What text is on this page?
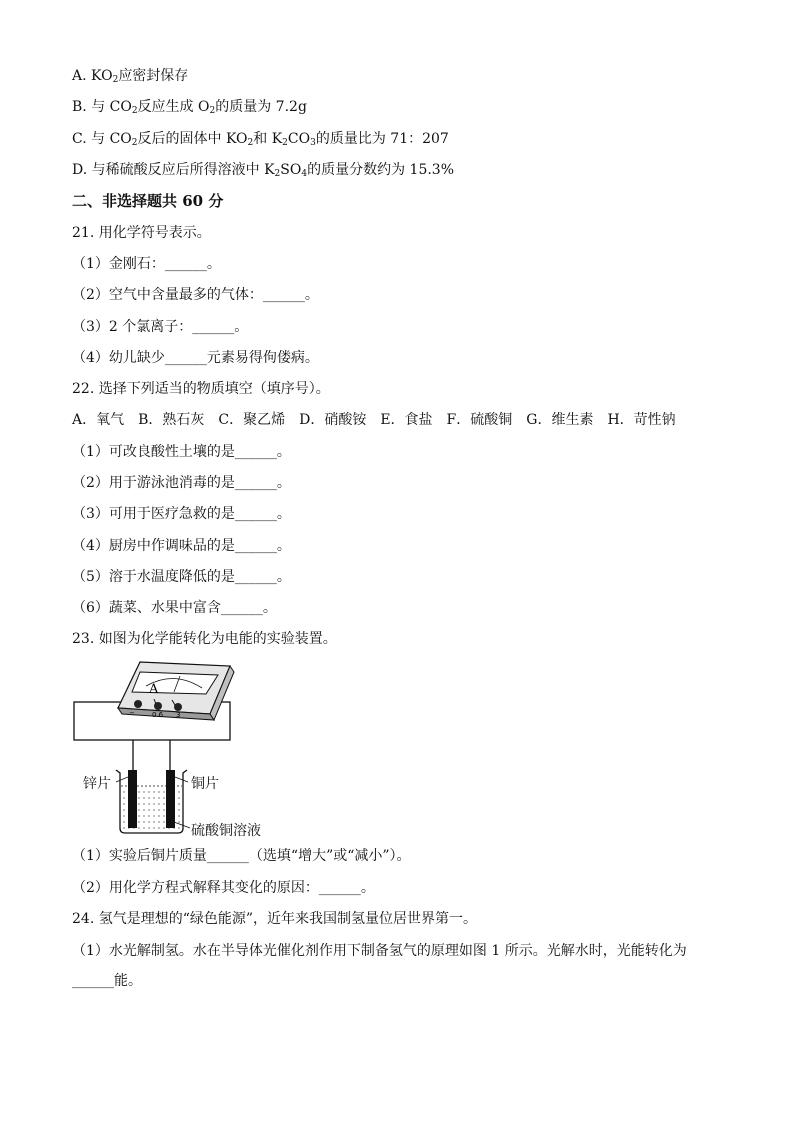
A. $KO_2$应密封保存
B. 与 $CO_2$反应生成 $O_2$的质量为 7.2g
C. 与 $CO_2$反后的固体中 $KO_2$和 $K_2CO_3$的质量比为 71：207
D. 与稀硫酸反应后所得溶液中 $K_2SO_4$的质量分数约为 15.3%
二、非选择题共 60 分
21. 用化学符号表示。
（1）金刚石：______。
（2）空气中含量最多的气体：______。
（3）2 个氯离子：______。
（4）幼儿缺少______元素易得佝偻病。
22. 选择下列适当的物质填空（填序号）。
A．氧气　B．熟石灰　C．聚乙烯　D．硝酸铵　E．食盐　F．硫酸铜　G．维生素　H．苛性钠
（1）可改良酸性土壤的是______。
（2）用于游泳池消毒的是______。
（3）可用于医疗急救的是______。
（4）厨房中作调味品的是______。
（5）溶于水温度降低的是______。
（6）蔬菜、水果中富含______。
23. 如图为化学能转化为电能的实验装置。
A
− 0.6 3
锌片	铜片
硫酸铜溶液
（1）实验后铜片质量______（选填“增大”或“减小”）。
（2）用化学方程式解释其变化的原因：______。
24. 氢气是理想的“绿色能源”，近年来我国制氢量位居世界第一。
（1）水光解制氢。水在半导体光催化剂作用下制备氢气的原理如图 1 所示。光解水时，光能转化为______能。
